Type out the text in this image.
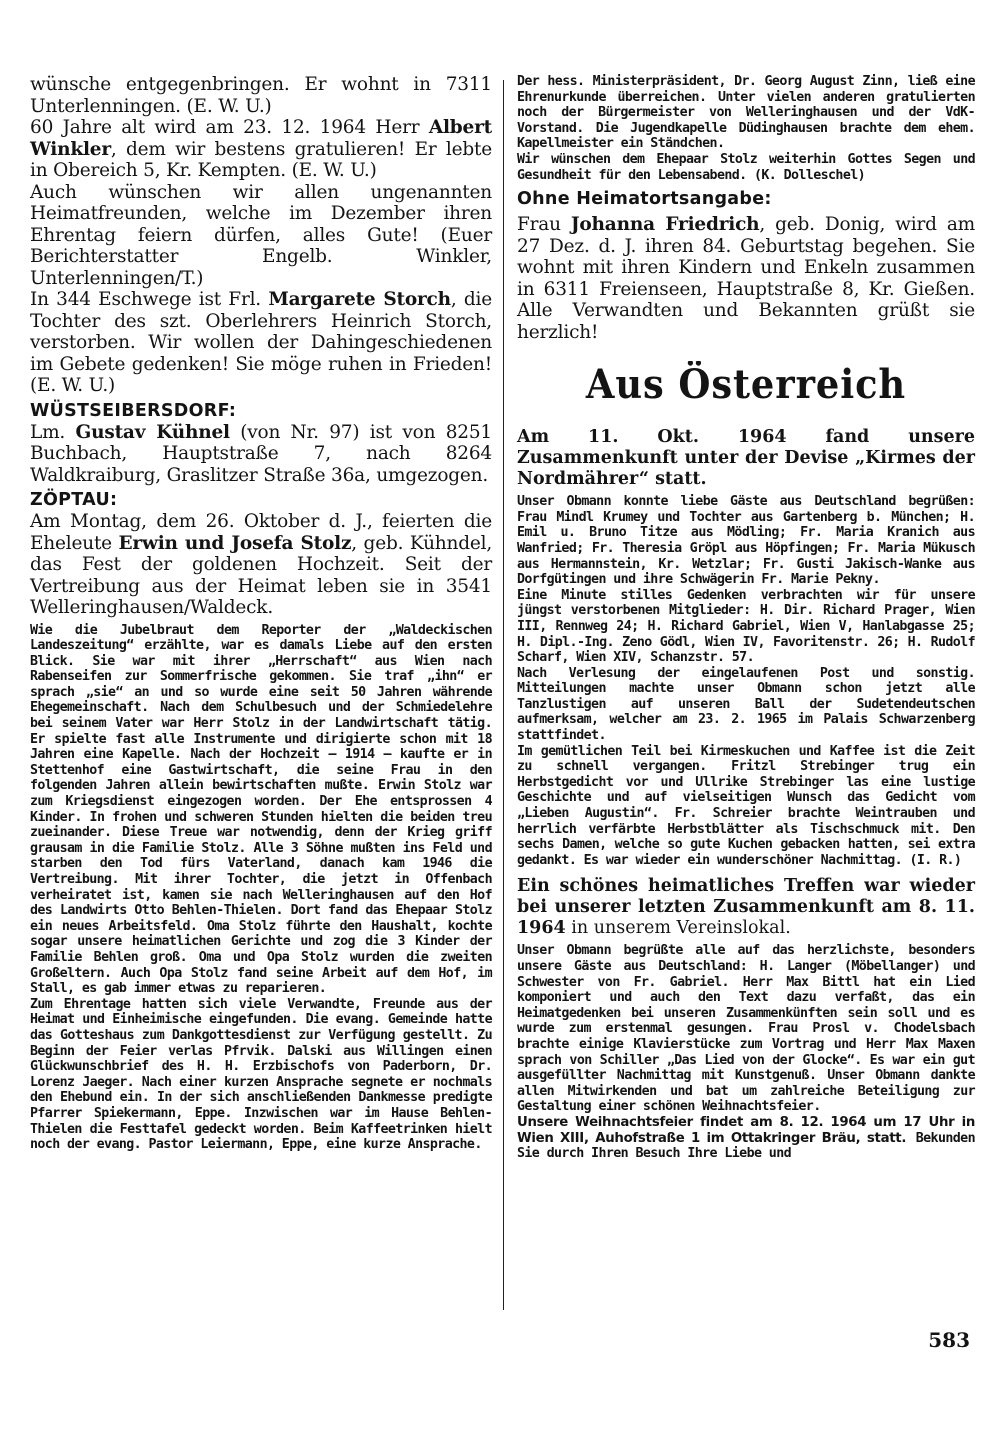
wünsche entgegenbringen. Er wohnt in 7311 Unterlenningen. (E. W. U.)

60 Jahre alt wird am 23. 12. 1964 Herr Albert Winkler, dem wir bestens gratulieren! Er lebte in Obereich 5, Kr. Kempten. (E. W. U.)

Auch wünschen wir allen ungenannten Heimatfreunden, welche im Dezember ihren Ehrentag feiern dürfen, alles Gute! (Euer Berichterstatter Engelb. Winkler, Unterlenningen/T.)

In 344 Eschwege ist Frl. Margarete Storch, die Tochter des szt. Oberlehrers Heinrich Storch, verstorben. Wir wollen der Dahingeschiedenen im Gebete gedenken! Sie möge ruhen in Frieden! (E. W. U.)

WÜSTSEIBERSDORF:

Lm. Gustav Kühnel (von Nr. 97) ist von 8251 Buchbach, Hauptstraße 7, nach 8264 Waldkraiburg, Graslitzer Straße 36a, umgezogen.

ZÖPTAU:

Am Montag, dem 26. Oktober d. J., feierten die Eheleute Erwin und Josefa Stolz, geb. Kühndel, das Fest der goldenen Hochzeit. Seit der Vertreibung aus der Heimat leben sie in 3541 Welleringhausen/Waldeck.

Wie die Jubelbraut dem Reporter der „Waldeckischen Landeszeitung“ erzählte, war es damals Liebe auf den ersten Blick. Sie war mit ihrer „Herrschaft“ aus Wien nach Rabenseifen zur Sommerfrische gekommen. Sie traf „ihn“ er sprach „sie“ an und so wurde eine seit 50 Jahren währende Ehegemeinschaft. Nach dem Schulbesuch und der Schmiedelehre bei seinem Vater war Herr Stolz in der Landwirtschaft tätig. Er spielte fast alle Instrumente und dirigierte schon mit 18 Jahren eine Kapelle. Nach der Hochzeit — 1914 — kaufte er in Stettenhof eine Gastwirtschaft, die seine Frau in den folgenden Jahren allein bewirtschaften mußte. Erwin Stolz war zum Kriegsdienst eingezogen worden. Der Ehe entsprossen 4 Kinder. In frohen und schweren Stunden hielten die beiden treu zueinander. Diese Treue war notwendig, denn der Krieg griff grausam in die Familie Stolz. Alle 3 Söhne mußten ins Feld und starben den Tod fürs Vaterland, danach kam 1946 die Vertreibung. Mit ihrer Tochter, die jetzt in Offenbach verheiratet ist, kamen sie nach Welleringhausen auf den Hof des Landwirts Otto Behlen-Thielen. Dort fand das Ehepaar Stolz ein neues Arbeitsfeld. Oma Stolz führte den Haushalt, kochte sogar unsere heimatlichen Gerichte und zog die 3 Kinder der Familie Behlen groß. Oma und Opa Stolz wurden die zweiten Großeltern. Auch Opa Stolz fand seine Arbeit auf dem Hof, im Stall, es gab immer etwas zu reparieren.

Zum Ehrentage hatten sich viele Verwandte, Freunde aus der Heimat und Einheimische eingefunden. Die evang. Gemeinde hatte das Gotteshaus zum Dankgottesdienst zur Verfügung gestellt. Zu Beginn der Feier verlas Pfrvik. Dalski aus Willingen einen Glückwunschbrief des H. H. Erzbischofs von Paderborn, Dr. Lorenz Jaeger. Nach einer kurzen Ansprache segnete er nochmals den Ehebund ein. In der sich anschließenden Dankmesse predigte Pfarrer Spiekermann, Eppe. Inzwischen war im Hause Behlen-Thielen die Festtafel gedeckt worden. Beim Kaffeetrinken hielt noch der evang. Pastor Leiermann, Eppe, eine kurze Ansprache.

Der hess. Ministerpräsident, Dr. Georg August Zinn, ließ eine Ehrenurkunde überreichen. Unter vielen anderen gratulierten noch der Bürgermeister von Welleringhausen und der VdK-Vorstand. Die Jugendkapelle Düdinghausen brachte dem ehem. Kapellmeister ein Ständchen.

Wir wünschen dem Ehepaar Stolz weiterhin Gottes Segen und Gesundheit für den Lebensabend. (K. Dolleschel)

Ohne Heimatortsangabe:

Frau Johanna Friedrich, geb. Donig, wird am 27 Dez. d. J. ihren 84. Geburtstag begehen. Sie wohnt mit ihren Kindern und Enkeln zusammen in 6311 Freienseen, Hauptstraße 8, Kr. Gießen. Alle Verwandten und Bekannten grüßt sie herzlich!

Aus Österreich

Am 11. Okt. 1964 fand unsere Zusammenkunft unter der Devise „Kirmes der Nordmährer“ statt.

Unser Obmann konnte liebe Gäste aus Deutschland begrüßen: Frau Mindl Krumey und Tochter aus Gartenberg b. München; H. Emil u. Bruno Titze aus Mödling; Fr. Maria Kranich aus Wanfried; Fr. Theresia Gröpl aus Höpfingen; Fr. Maria Mükusch aus Hermannstein, Kr. Wetzlar; Fr. Gusti Jakisch-Wanke aus Dorfgütingen und ihre Schwägerin Fr. Marie Pekny.

Eine Minute stilles Gedenken verbrachten wir für unsere jüngst verstorbenen Mitglieder: H. Dir. Richard Prager, Wien III, Rennweg 24; H. Richard Gabriel, Wien V, Hanlabgasse 25; H. Dipl.-Ing. Zeno Gödl, Wien IV, Favoritenstr. 26; H. Rudolf Scharf, Wien XIV, Schanzstr. 57.

Nach Verlesung der eingelaufenen Post und sonstig. Mitteilungen machte unser Obmann schon jetzt alle Tanzlustigen auf unseren Ball der Sudetendeutschen aufmerksam, welcher am 23. 2. 1965 im Palais Schwarzenberg stattfindet.

Im gemütlichen Teil bei Kirmeskuchen und Kaffee ist die Zeit zu schnell vergangen. Fritzl Strebinger trug ein Herbstgedicht vor und Ullrike Strebinger las eine lustige Geschichte und auf vielseitigen Wunsch das Gedicht vom „Lieben Augustin“. Fr. Schreier brachte Weintrauben und herrlich verfärbte Herbstblätter als Tischschmuck mit. Den sechs Damen, welche so gute Kuchen gebacken hatten, sei extra gedankt. Es war wieder ein wunderschöner Nachmittag. (I. R.)

Ein schönes heimatliches Treffen war wieder bei unserer letzten Zusammenkunft am 8. 11. 1964 in unserem Vereinslokal.

Unser Obmann begrüßte alle auf das herzlichste, besonders unsere Gäste aus Deutschland: H. Langer (Möbellanger) und Schwester von Fr. Gabriel. Herr Max Bittl hat ein Lied komponiert und auch den Text dazu verfaßt, das ein Heimatgedenken bei unseren Zusammenkünften sein soll und es wurde zum erstenmal gesungen. Frau Prosl v. Chodelsbach brachte einige Klavierstücke zum Vortrag und Herr Max Maxen sprach von Schiller „Das Lied von der Glocke“. Es war ein gut ausgefüllter Nachmittag mit Kunstgenuß. Unser Obmann dankte allen Mitwirkenden und bat um zahlreiche Beteiligung zur Gestaltung einer schönen Weihnachtsfeier.

Unsere Weihnachtsfeier findet am 8. 12. 1964 um 17 Uhr in Wien XIII, Auhofstraße 1 im Ottakringer Bräu, statt. Bekunden Sie durch Ihren Besuch Ihre Liebe und

583
